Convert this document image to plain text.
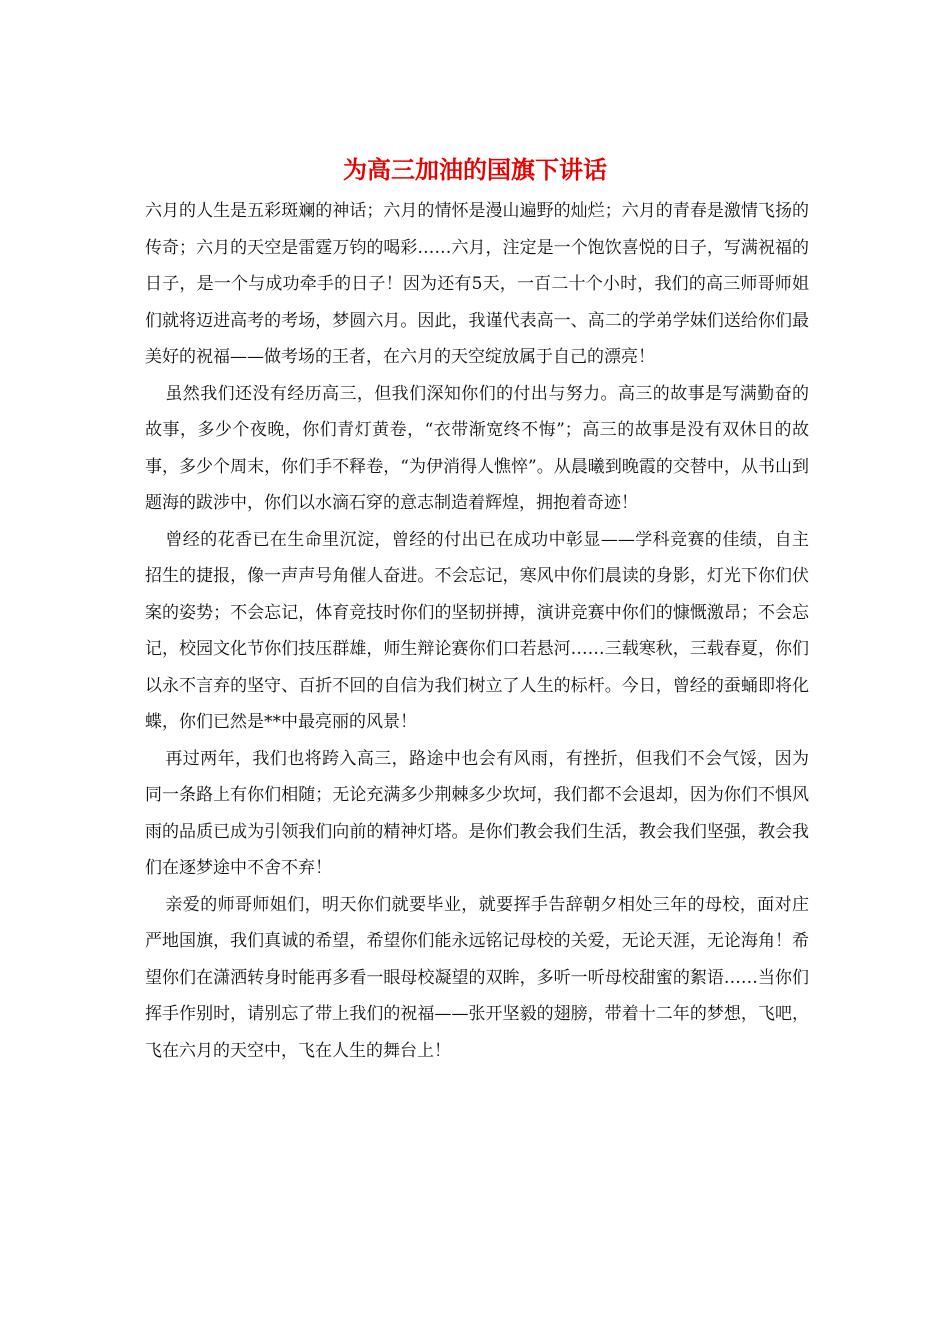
为高三加油的国旗下讲话

六月的人生是五彩斑斓的神话；六月的情怀是漫山遍野的灿烂；六月的青春是激情飞扬的传奇；六月的天空是雷霆万钧的喝彩……六月，注定是一个饱饮喜悦的日子，写满祝福的日子，是一个与成功牵手的日子！因为还有5天，一百二十个小时，我们的高三师哥师姐们就将迈进高考的考场，梦圆六月。因此，我谨代表高一、高二的学弟学妹们送给你们最美好的祝福——做考场的王者，在六月的天空绽放属于自己的漂亮！

虽然我们还没有经历高三，但我们深知你们的付出与努力。高三的故事是写满勤奋的故事，多少个夜晚，你们青灯黄卷，“衣带渐宽终不悔”；高三的故事是没有双休日的故事，多少个周末，你们手不释卷，“为伊消得人憔悴”。从晨曦到晚霞的交替中，从书山到题海的跋涉中，你们以水滴石穿的意志制造着辉煌，拥抱着奇迹！

曾经的花香已在生命里沉淀，曾经的付出已在成功中彰显——学科竞赛的佳绩，自主招生的捷报，像一声声号角催人奋进。不会忘记，寒风中你们晨读的身影，灯光下你们伏案的姿势；不会忘记，体育竞技时你们的坚韧拼搏，演讲竞赛中你们的慷慨激昂；不会忘记，校园文化节你们技压群雄，师生辩论赛你们口若悬河……三载寒秋，三载春夏，你们以永不言弃的坚守、百折不回的自信为我们树立了人生的标杆。今日，曾经的蚕蛹即将化蝶，你们已然是**中最亮丽的风景！

再过两年，我们也将跨入高三，路途中也会有风雨，有挫折，但我们不会气馁，因为同一条路上有你们相随；无论充满多少荆棘多少坎坷，我们都不会退却，因为你们不惧风雨的品质已成为引领我们向前的精神灯塔。是你们教会我们生活，教会我们坚强，教会我们在逐梦途中不舍不弃！

亲爱的师哥师姐们，明天你们就要毕业，就要挥手告辞朝夕相处三年的母校，面对庄严地国旗，我们真诚的希望，希望你们能永远铭记母校的关爱，无论天涯，无论海角！希望你们在潇洒转身时能再多看一眼母校凝望的双眸，多听一听母校甜蜜的絮语……当你们挥手作别时，请别忘了带上我们的祝福——张开坚毅的翅膀，带着十二年的梦想，飞吧，飞在六月的天空中，飞在人生的舞台上！
